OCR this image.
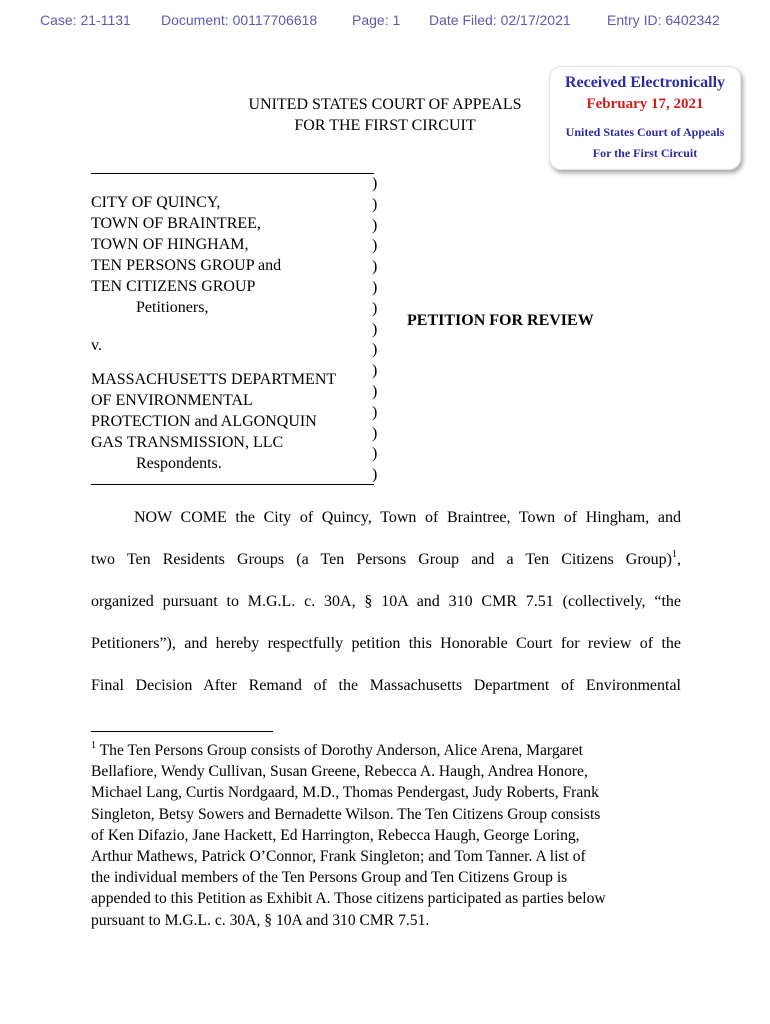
Case: 21-1131 Document: 00117706618 Page: 1 Date Filed: 02/17/2021	Entry ID: 6402342
UNITED STATES COURT OF APPEALS
FOR THE FIRST CIRCUIT
Received Electronically
February 17, 2021
United States Court of Appeals
For the First Circuit
CITY OF QUINCY,
TOWN OF BRAINTREE,
TOWN OF HINGHAM,
TEN PERSONS GROUP and
TEN CITIZENS GROUP
Petitioners,
v.
MASSACHUSETTS DEPARTMENT
OF ENVIRONMENTAL
PROTECTION and ALGONQUIN
GAS TRANSMISSION, LLC
Respondents.
)
)
)
)
)
)
)
)
)
)
)
)
)
)
)
PETITION FOR REVIEW
NOW COME the City of Quincy, Town of Braintree, Town of Hingham, and
two Ten Residents Groups (a Ten Persons Group and a Ten Citizens Group)$^1$,
organized pursuant to M.G.L. c. 30A, § 10A and 310 CMR 7.51 (collectively, “the
Petitioners”), and hereby respectfully petition this Honorable Court for review of the
Final Decision After Remand of the Massachusetts Department of Environmental
$^1$ The Ten Persons Group consists of Dorothy Anderson, Alice Arena, Margaret
Bellafiore, Wendy Cullivan, Susan Greene, Rebecca A. Haugh, Andrea Honore,
Michael Lang, Curtis Nordgaard, M.D., Thomas Pendergast, Judy Roberts, Frank
Singleton, Betsy Sowers and Bernadette Wilson. The Ten Citizens Group consists
of Ken Difazio, Jane Hackett, Ed Harrington, Rebecca Haugh, George Loring,
Arthur Mathews, Patrick O’Connor, Frank Singleton; and Tom Tanner. A list of
the individual members of the Ten Persons Group and Ten Citizens Group is
appended to this Petition as Exhibit A. Those citizens participated as parties below
pursuant to M.G.L. c. 30A, § 10A and 310 CMR 7.51.
